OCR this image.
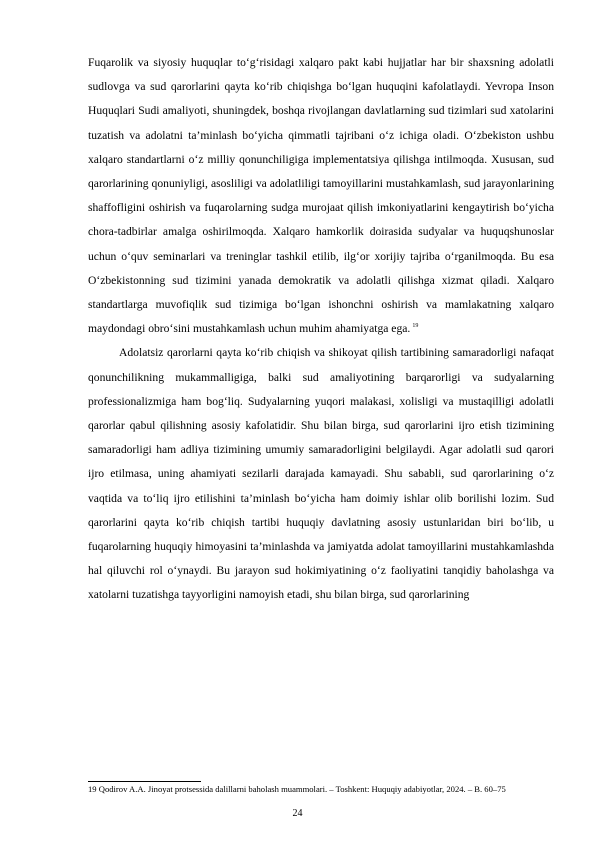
Fuqarolik va siyosiy huquqlar to‘g‘risidagi xalqaro pakt kabi hujjatlar har bir shaxsning adolatli sudlovga va sud qarorlarini qayta ko‘rib chiqishga bo‘lgan huquqini kafolatlaydi. Yevropa Inson Huquqlari Sudi amaliyoti, shuningdek, boshqa rivojlangan davlatlarning sud tizimlari sud xatolarini tuzatish va adolatni ta’minlash bo‘yicha qimmatli tajribani o‘z ichiga oladi. O‘zbekiston ushbu xalqaro standartlarni o‘z milliy qonunchiligiga implementatsiya qilishga intilmoqda. Xususan, sud qarorlarining qonuniyligi, asosliligi va adolatliligi tamoyillarini mustahkamlash, sud jarayonlarining shaffofligini oshirish va fuqarolarning sudga murojaat qilish imkoniyatlarini kengaytirish bo‘yicha chora-tadbirlar amalga oshirilmoqda. Xalqaro hamkorlik doirasida sudyalar va huquqshunoslar uchun o‘quv seminarlari va treninglar tashkil etilib, ilg‘or xorijiy tajriba o‘rganilmoqda. Bu esa O‘zbekistonning sud tizimini yanada demokratik va adolatli qilishga xizmat qiladi. Xalqaro standartlarga muvofiqlik sud tizimiga bo‘lgan ishonchni oshirish va mamlakatning xalqaro maydondagi obro‘sini mustahkamlash uchun muhim ahamiyatga ega. $^{19}$

Adolatsiz qarorlarni qayta ko‘rib chiqish va shikoyat qilish tartibining samaradorligi nafaqat qonunchilikning mukammalligiga, balki sud amaliyotining barqarorligi va sudyalarning professionalizmiga ham bog‘liq. Sudyalarning yuqori malakasi, xolisligi va mustaqilligi adolatli qarorlar qabul qilishning asosiy kafolatidir. Shu bilan birga, sud qarorlarini ijro etish tizimining samaradorligi ham adliya tizimining umumiy samaradorligini belgilaydi. Agar adolatli sud qarori ijro etilmasa, uning ahamiyati sezilarli darajada kamayadi. Shu sababli, sud qarorlarining o‘z vaqtida va to‘liq ijro etilishini ta’minlash bo‘yicha ham doimiy ishlar olib borilishi lozim. Sud qarorlarini qayta ko‘rib chiqish tartibi huquqiy davlatning asosiy ustunlaridan biri bo‘lib, u fuqarolarning huquqiy himoyasini ta’minlashda va jamiyatda adolat tamoyillarini mustahkamlashda hal qiluvchi rol o‘ynaydi. Bu jarayon sud hokimiyatining o‘z faoliyatini tanqidiy baholashga va xatolarni tuzatishga tayyorligini namoyish etadi, shu bilan birga, sud qarorlarining

19 Qodirov A.A. Jinoyat protsessida dalillarni baholash muammolari. – Toshkent: Huquqiy adabiyotlar, 2024. – B. 60–75

24
